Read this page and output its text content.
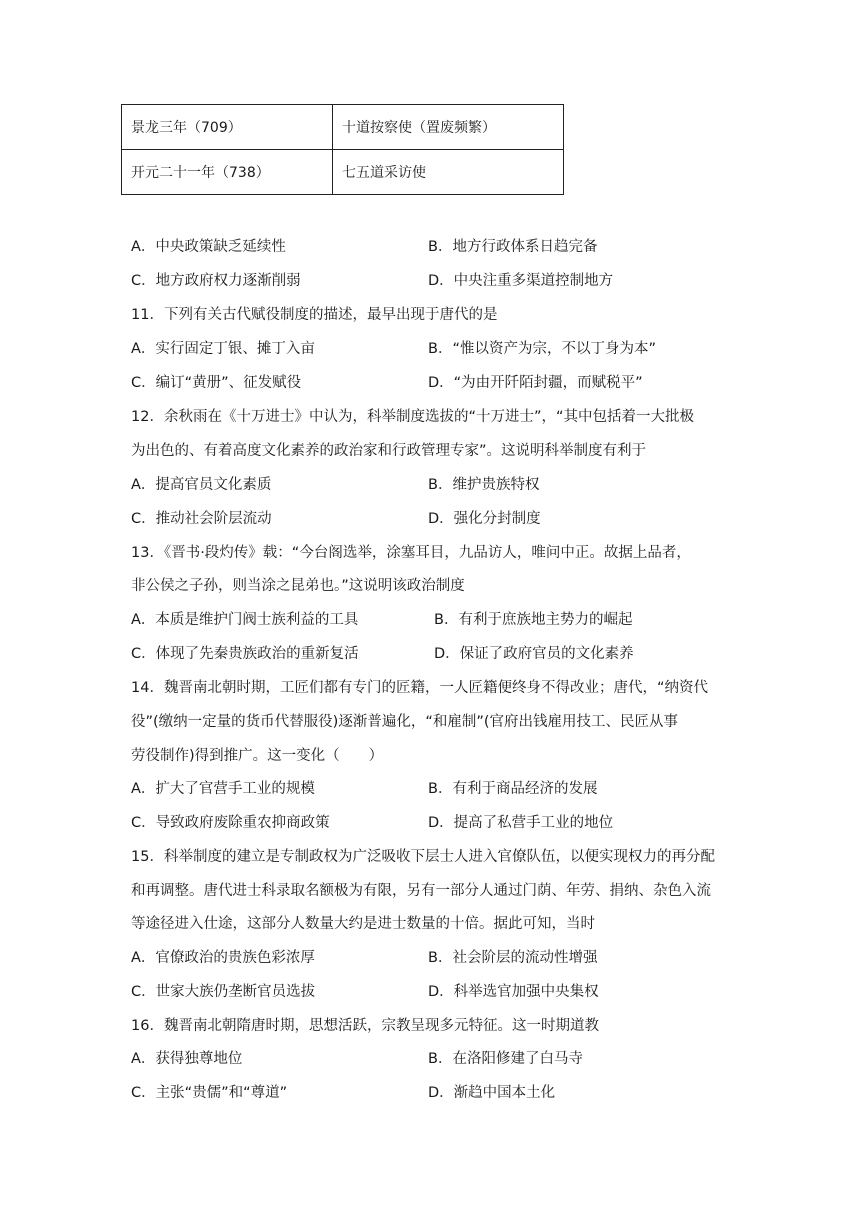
景龙三年（709）	十道按察使（置废频繁）
开元二十一年（738）	七五道采访使
A．中央政策缺乏延续性	B．地方行政体系日趋完备
C．地方政府权力逐渐削弱	D．中央注重多渠道控制地方
11．下列有关古代赋役制度的描述，最早出现于唐代的是
A．实行固定丁银、摊丁入亩	B．“惟以资产为宗，不以丁身为本”
C．编订“黄册”、征发赋役	D．“为由开阡陌封疆，而赋税平”
12．余秋雨在《十万进士》中认为，科举制度选拔的“十万进士”，“其中包括着一大批极
为出色的、有着高度文化素养的政治家和行政管理专家”。这说明科举制度有利于
A．提高官员文化素质	B．维护贵族特权
C．推动社会阶层流动	D．强化分封制度
13．《晋书·段灼传》载：“今台阁选举，涂塞耳目，九品访人，唯问中正。故据上品者，
非公侯之子孙，则当涂之昆弟也。”这说明该政治制度
A．本质是维护门阀士族利益的工具	B．有利于庶族地主势力的崛起
C．体现了先秦贵族政治的重新复活	D．保证了政府官员的文化素养
14．魏晋南北朝时期，工匠们都有专门的匠籍，一人匠籍便终身不得改业；唐代，“纳资代
役”(缴纳一定量的货币代替服役)逐渐普遍化，“和雇制”(官府出钱雇用技工、民匠从事
劳役制作)得到推广。这一变化（　　）
A．扩大了官营手工业的规模	B．有利于商品经济的发展
C．导致政府废除重农抑商政策	D．提高了私营手工业的地位
15．科举制度的建立是专制政权为广泛吸收下层士人进入官僚队伍，以便实现权力的再分配
和再调整。唐代进士科录取名额极为有限，另有一部分人通过门荫、年劳、捐纳、杂色入流
等途径进入仕途，这部分人数量大约是进士数量的十倍。据此可知，当时
A．官僚政治的贵族色彩浓厚	B．社会阶层的流动性增强
C．世家大族仍垄断官员选拔	D．科举选官加强中央集权
16．魏晋南北朝隋唐时期，思想活跃，宗教呈现多元特征。这一时期道教
A．获得独尊地位	B．在洛阳修建了白马寺
C．主张“贵儒”和“尊道”	D．渐趋中国本土化
